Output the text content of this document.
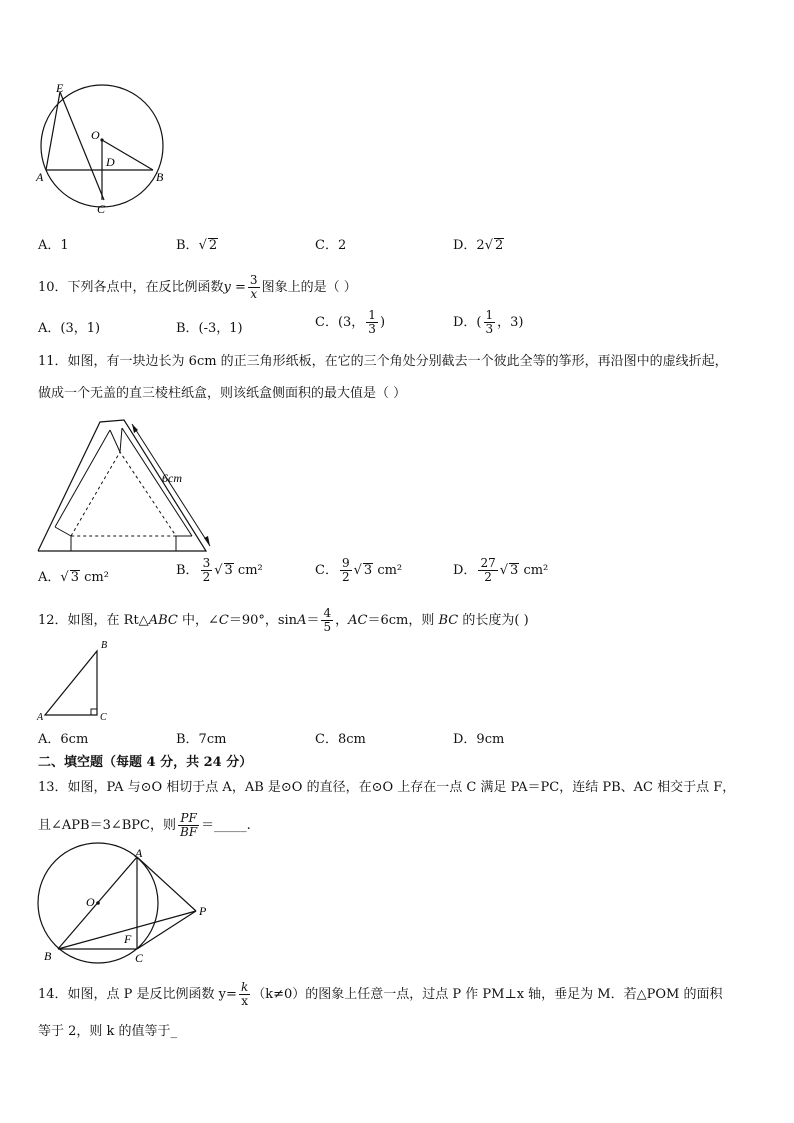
E
O
D
A	B
C
A．1	B．√ 2	C．2	D．2√ 2
10．下列各点中，在反比例函数$y = \frac{3}{x}$ 图象上的是（ ）
A．(3，1)	B．(-3，1)	C．(3， $\frac{1}{3}$ )	D．( $\frac{1}{3}$ ，3)
11．如图，有一块边长为 6cm 的正三角形纸板，在它的三个角处分别截去一个彼此全等的筝形，再沿图中的虚线折起，
做成一个无盖的直三棱柱纸盒，则该纸盒侧面积的最大值是（ ）
6cm
A．√ 3 cm²	B． $\frac{3}{2}$ √ 3 cm²	C． $\frac{9}{2}$ √ 3 cm²	D． $\frac{27}{2}$ √ 3 cm²
12．如图，在 Rt△ABC 中，∠C＝90°，$\sin A= \frac{4}{5}$ ，AC＝6cm，则 BC 的长度为( )
B
A	C
A．6cm	B．7cm	C．8cm	D．9cm
二、填空题（每题 4 分，共 24 分）
13．如图，PA 与⊙O 相切于点 A，AB 是⊙O 的直径，在⊙O 上存在一点 C 满足 PA＝PC，连结 PB、AC 相交于点 F，
且∠APB＝3∠BPC，则 $\frac{PF}{BF}$ ＝_____.
A
O
P
F
B	C
14．如图，点 P 是反比例函数 $y= \frac{k}{x} (k\ne 0)$的图象上任意一点，过点 P 作 PM⊥x 轴，垂足为 M．若△POM 的面积
等于 2，则 k 的值等于_
